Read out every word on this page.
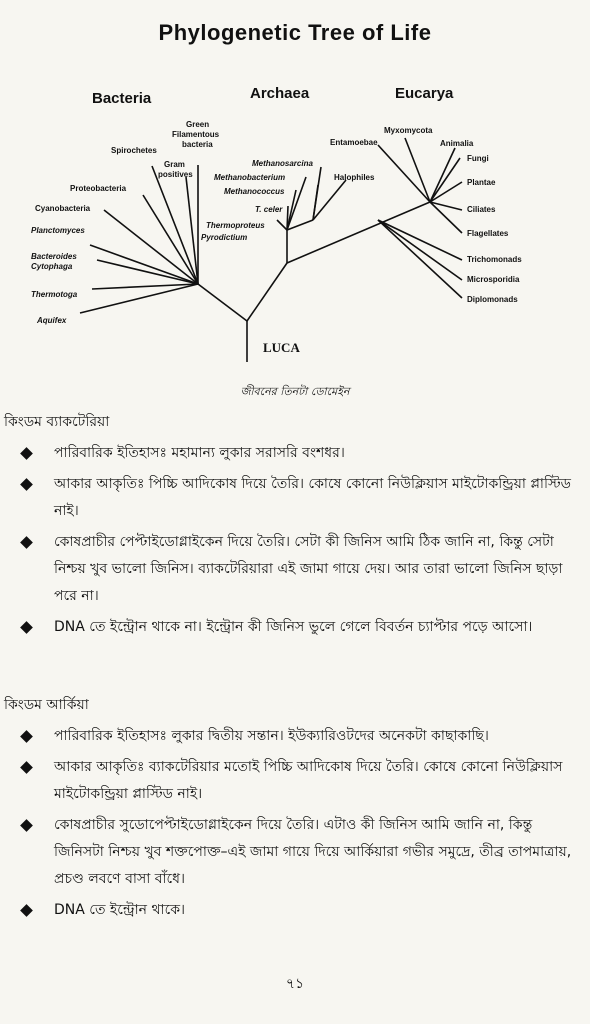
Phylogenetic Tree of Life
Bacteria	Archaea	Eucarya
Green
Filamentous
bacteria
Spirochetes
Gram
positives
Proteobacteria
Cyanobacteria
Planctomyces
Bacteroides
Cytophaga
Thermotoga
Aquifex
Methanosarcina
Methanobacterium
Methanococcus
Halophiles
T. celer
Thermoproteus
Pyrodictium
Myxomycota
Entamoebae	Animalia
Fungi
Plantae
Ciliates
Flagellates
Trichomonads
Microsporidia
Diplomonads
LUCA
জীবনের তিনটা ডোমেইন
কিংডম ব্যাকটেরিয়া
পারিবারিক ইতিহাসঃ মহামান্য লুকার সরাসরি বংশধর।
আকার আকৃতিঃ পিচ্চি আদিকোষ দিয়ে তৈরি। কোষে কোনো নিউক্লিয়াস মাইটোকন্ড্রিয়া প্লাস্টিড নাই।
কোষপ্রাচীর পেপ্টাইডোগ্লাইকেন দিয়ে তৈরি। সেটা কী জিনিস আমি ঠিক জানি না, কিন্তু সেটা নিশ্চয় খুব ভালো জিনিস। ব্যাকটেরিয়ারা এই জামা গায়ে দেয়। আর তারা ভালো জিনিস ছাড়া পরে না।
DNA তে ইন্ট্রোন থাকে না। ইন্ট্রোন কী জিনিস ভুলে গেলে বিবর্তন চ্যাপ্টার পড়ে আসো।
কিংডম আর্কিয়া
পারিবারিক ইতিহাসঃ লুকার দ্বিতীয় সন্তান। ইউক্যারিওটদের অনেকটা কাছাকাছি।
আকার আকৃতিঃ ব্যাকটেরিয়ার মতোই পিচ্চি আদিকোষ দিয়ে তৈরি। কোষে কোনো নিউক্লিয়াস মাইটোকন্ড্রিয়া প্লাস্টিড নাই।
কোষপ্রাচীর সুডোপেপ্টাইডোগ্লাইকেন দিয়ে তৈরি। এটাও কী জিনিস আমি জানি না, কিন্তু জিনিসটা নিশ্চয় খুব শক্তপোক্ত–এই জামা গায়ে দিয়ে আর্কিয়ারা গভীর সমুদ্রে, তীব্র তাপমাত্রায়, প্রচণ্ড লবণে বাসা বাঁধে।
DNA তে ইন্ট্রোন থাকে।
৭১
